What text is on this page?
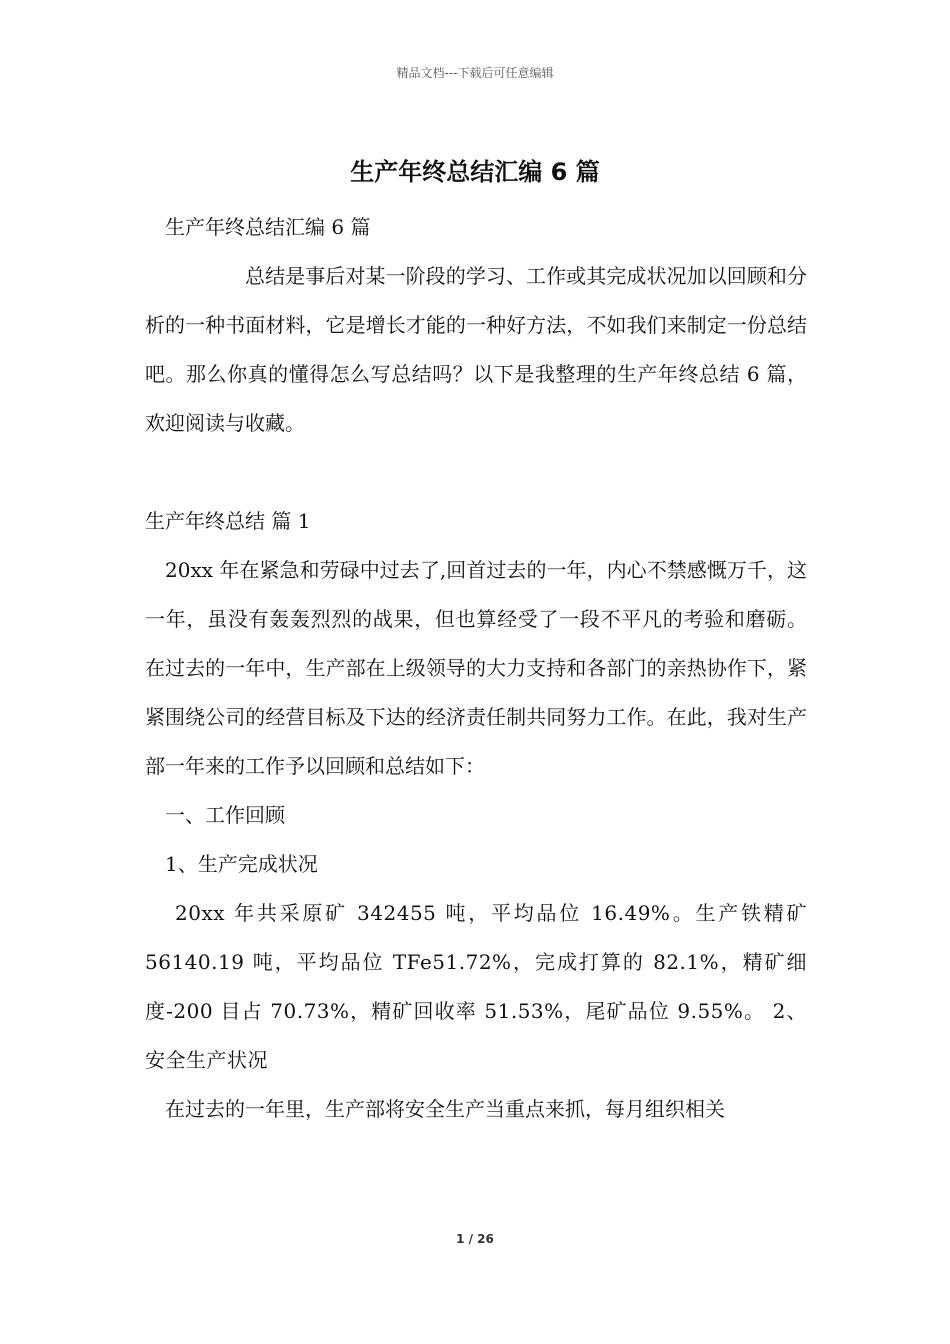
精品文档---下载后可任意编辑
生产年终总结汇编 6 篇

生产年终总结汇编 6 篇

总结是事后对某一阶段的学习、工作或其完成状况加以回顾和分析的一种书面材料，它是增长才能的一种好方法，不如我们来制定一份总结吧。那么你真的懂得怎么写总结吗？以下是我整理的生产年终总结 6 篇，欢迎阅读与收藏。

生产年终总结 篇 1

20xx 年在紧急和劳碌中过去了,回首过去的一年，内心不禁感慨万千，这一年，虽没有轰轰烈烈的战果，但也算经受了一段不平凡的考验和磨砺。 在过去的一年中，生产部在上级领导的大力支持和各部门的亲热协作下，紧紧围绕公司的经营目标及下达的经济责任制共同努力工作。在此，我对生产部一年来的工作予以回顾和总结如下：

一、工作回顾

1、生产完成状况

20xx 年共采原矿 342455 吨，平均品位 16.49%。生产铁精矿 56140.19 吨，平均品位 TFe51.72%，完成打算的 82.1%，精矿细度-200 目占 70.73%，精矿回收率 51.53%，尾矿品位 9.55%。 2、安全生产状况

在过去的一年里，生产部将安全生产当重点来抓，每月组织相关

1 / 26
